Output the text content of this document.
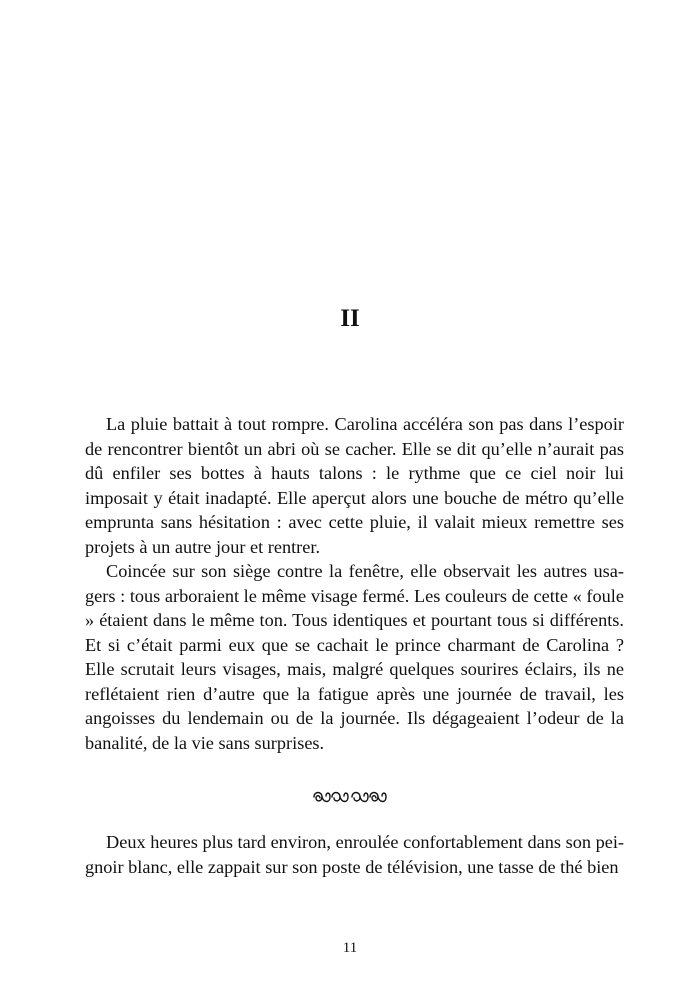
II

La pluie battait à tout rompre. Carolina accéléra son pas dans l’espoir de rencontrer bientôt un abri où se cacher. Elle se dit qu’elle n’aurait pas dû enfiler ses bottes à hauts talons : le rythme que ce ciel noir lui imposait y était inadapté. Elle aperçut alors une bouche de métro qu’elle emprunta sans hésitation : avec cette pluie, il valait mieux remettre ses projets à un autre jour et rentrer.

Coincée sur son siège contre la fenêtre, elle observait les autres usagers : tous arboraient le même visage fermé. Les couleurs de cette « foule » étaient dans le même ton. Tous identiques et pourtant tous si différents. Et si c’était parmi eux que se cachait le prince charmant de Carolina ? Elle scrutait leurs visages, mais, malgré quelques sourires éclairs, ils ne reflétaient rien d’autre que la fatigue après une journée de travail, les angoisses du lendemain ou de la journée. Ils dégageaient l’odeur de la banalité, de la vie sans surprises.

Deux heures plus tard environ, enroulée confortablement dans son peignoir blanc, elle zappait sur son poste de télévision, une tasse de thé bien

11
